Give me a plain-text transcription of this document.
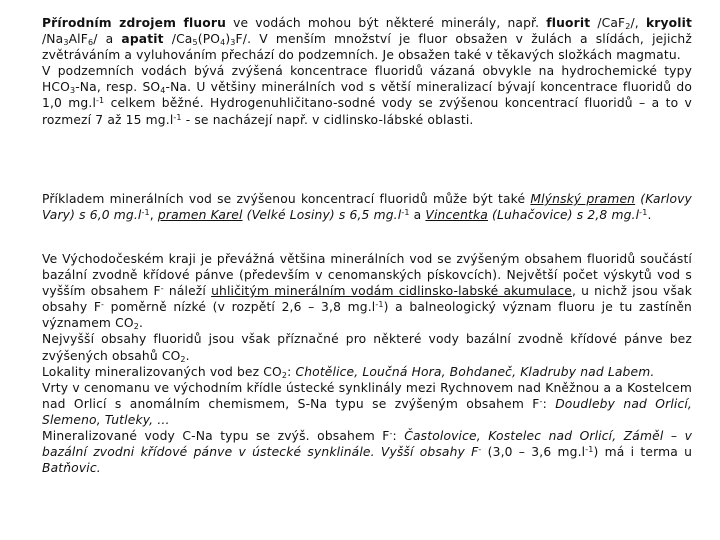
Přírodním zdrojem fluoru ve vodách mohou být některé minerály, např. fluorit /CaF$_2$/, kryolit $/Na_3AlF_6/$ a apatit $/Ca_5(PO_4)_3F/$. V menším množství je fluor obsažen v žulách a slídách, jejichž zvětráváním a vyluhováním přechází do podzemních. Je obsažen také v těkavých složkách magmatu.
V podzemních vodách bývá zvýšená koncentrace fluoridů vázaná obvykle na hydrochemické typy $HCO_3-Na$, resp. $SO_4-Na$. U většiny minerálních vod s větší mineralizací bývají koncentrace fluoridů do 1,0 $mg.l^{-1}$ celkem běžné. Hydrogenuhličitano-sodné vody se zvýšenou koncentrací fluoridů – a to v rozmezí 7 až 15 $mg.l^{-1}$ - se nacházejí např. v cidlinsko-lábské oblasti.

Příkladem minerálních vod se zvýšenou koncentrací fluoridů může být také Mlýnský pramen (Karlovy Vary) s 6,0 $mg.l^{-1}$, pramen Karel (Velké Losiny) s 6,5 $mg.l^{-1}$ a Vincentka (Luhačovice) s 2,8 $mg.l^{-1}$.

Ve Východočeském kraji je převážná většina minerálních vod se zvýšeným obsahem fluoridů součástí bazální zvodně křídové pánve (především v cenomanských pískovcích). Největší počet výskytů vod s vyšším obsahem F- náleží uhličitým minerálním vodám cidlinsko-labské akumulace, u nichž jsou však obsahy F- poměrně nízké (v rozpětí 2,6 – 3,8 $mg.l^{-1}$) a balneologický význam fluoru je tu zastíněn významem $CO_2$.
Nejvyšší obsahy fluoridů jsou však příznačné pro některé vody bazální zvodně křídové pánve bez zvýšených obsahů $CO_2$.
Lokality mineralizovaných vod bez $CO_2$: Chotělice, Loučná Hora, Bohdaneč, Kladruby nad Labem.
Vrty v cenomanu ve východním křídle ústecké synklinály mezi Rychnovem nad Kněžnou a a Kostelcem nad Orlicí s anomálním chemismem, S-Na typu se zvýšeným obsahem F-: Doudleby nad Orlicí, Slemeno, Tutleky, …
Mineralizované vody C-Na typu se zvýš. obsahem F-: Častolovice, Kostelec nad Orlicí, Záměl – v bazální zvodni křídové pánve v ústecké synklinále. Vyšší obsahy F- (3,0 – 3,6 $mg.l^{-1}$) má i terma u Batňovic.
